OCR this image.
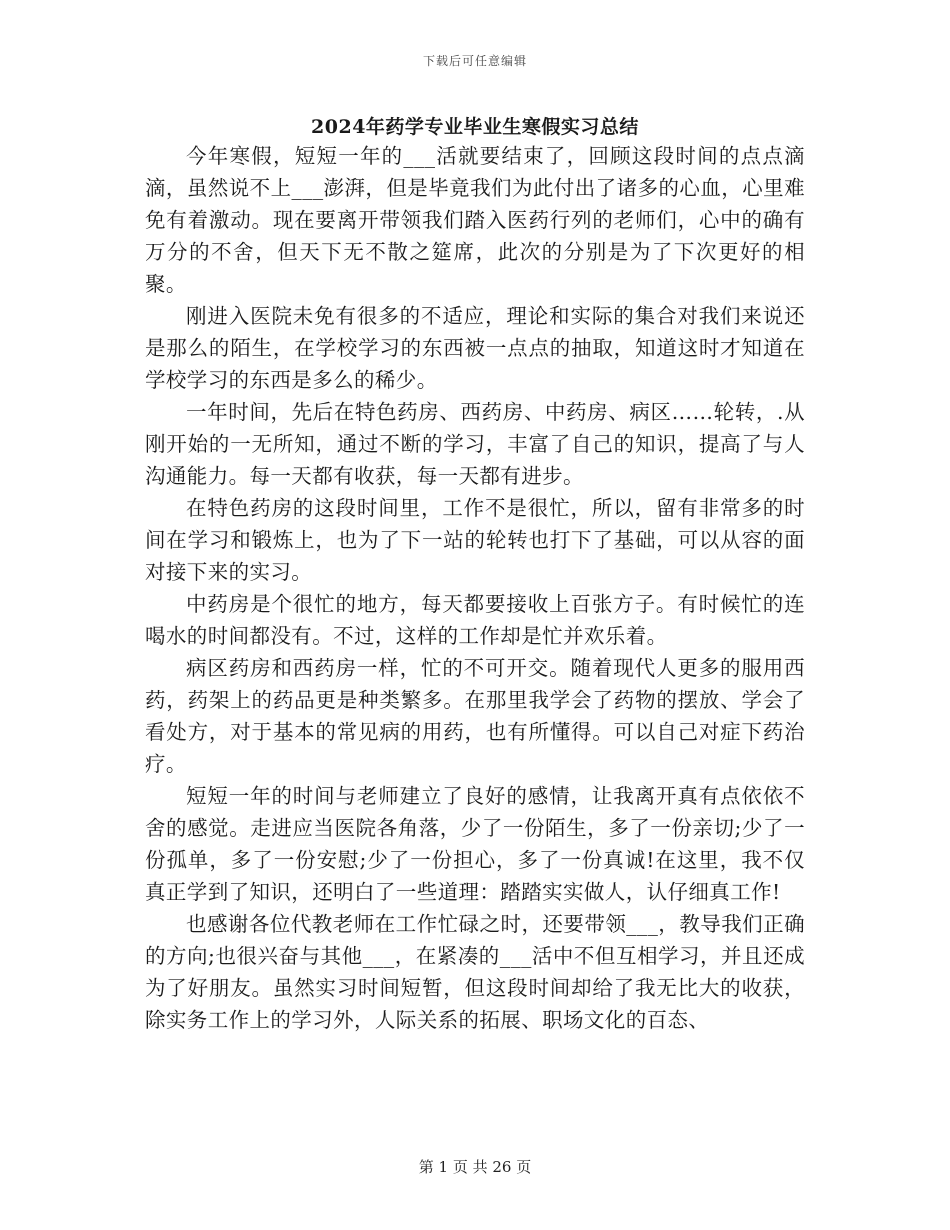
下载后可任意编辑
2024年药学专业毕业生寒假实习总结

今年寒假，短短一年的___活就要结束了，回顾这段时间的点点滴滴，虽然说不上___澎湃，但是毕竟我们为此付出了诸多的心血，心里难免有着激动。现在要离开带领我们踏入医药行列的老师们，心中的确有万分的不舍，但天下无不散之筵席，此次的分别是为了下次更好的相聚。

刚进入医院未免有很多的不适应，理论和实际的集合对我们来说还是那么的陌生，在学校学习的东西被一点点的抽取，知道这时才知道在学校学习的东西是多么的稀少。

一年时间，先后在特色药房、西药房、中药房、病区……轮转，.从刚开始的一无所知，通过不断的学习，丰富了自己的知识，提高了与人沟通能力。每一天都有收获，每一天都有进步。

在特色药房的这段时间里，工作不是很忙，所以，留有非常多的时间在学习和锻炼上，也为了下一站的轮转也打下了基础，可以从容的面对接下来的实习。

中药房是个很忙的地方，每天都要接收上百张方子。有时候忙的连喝水的时间都没有。不过，这样的工作却是忙并欢乐着。

病区药房和西药房一样，忙的不可开交。随着现代人更多的服用西药，药架上的药品更是种类繁多。在那里我学会了药物的摆放、学会了看处方，对于基本的常见病的用药，也有所懂得。可以自己对症下药治疗。

短短一年的时间与老师建立了良好的感情，让我离开真有点依依不舍的感觉。走进应当医院各角落，少了一份陌生，多了一份亲切;少了一份孤单，多了一份安慰;少了一份担心，多了一份真诚!在这里，我不仅真正学到了知识，还明白了一些道理：踏踏实实做人，认仔细真工作!

也感谢各位代教老师在工作忙碌之时，还要带领___，教导我们正确的方向;也很兴奋与其他___，在紧凑的___活中不但互相学习，并且还成为了好朋友。虽然实习时间短暂，但这段时间却给了我无比大的收获，除实务工作上的学习外，人际关系的拓展、职场文化的百态、

第 1 页 共 26 页
